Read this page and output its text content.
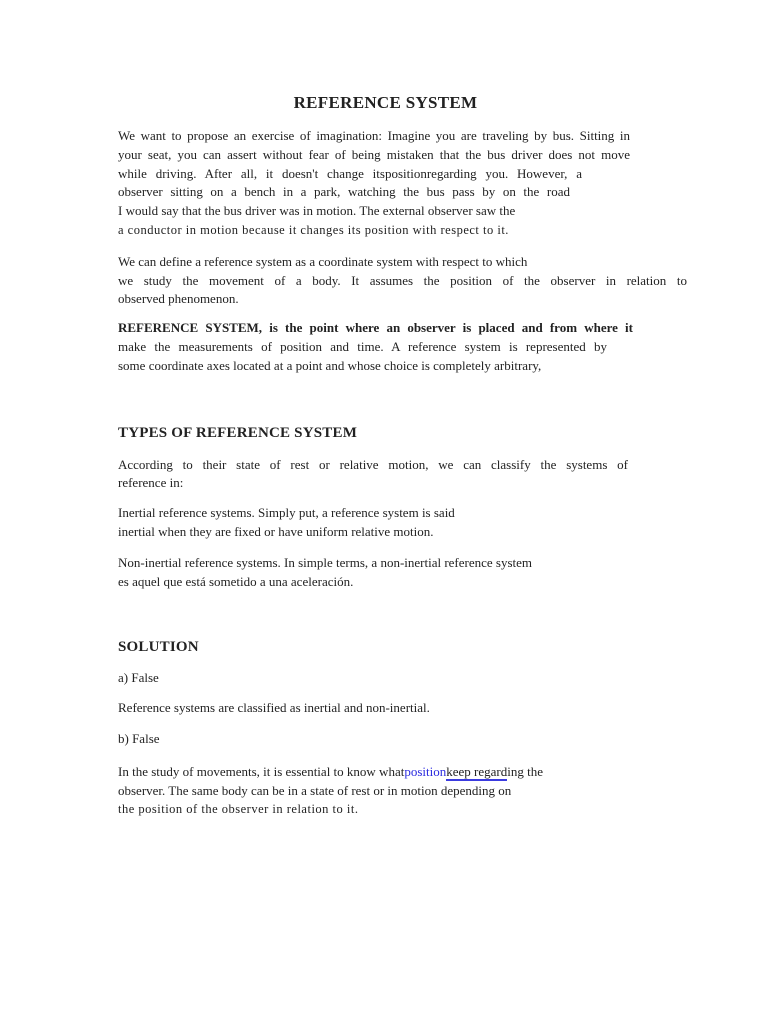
REFERENCE SYSTEM
We want to propose an exercise of imagination: Imagine you are traveling by bus. Sitting in
your seat, you can assert without fear of being mistaken that the bus driver does not move
while driving. After all, it doesn't change itspositionregarding you. However, a
observer sitting on a bench in a park, watching the bus pass by on the road
I would say that the bus driver was in motion. The external observer saw the
a conductor in motion because it changes its position with respect to it.
We can define a reference system as a coordinate system with respect to which
we study the movement of a body. It assumes the position of the observer in relation to
observed phenomenon.
REFERENCE SYSTEM, is the point where an observer is placed and from where it
make the measurements of position and time. A reference system is represented by
some coordinate axes located at a point and whose choice is completely arbitrary,
TYPES OF REFERENCE SYSTEM
According to their state of rest or relative motion, we can classify the systems of
reference in:
Inertial reference systems. Simply put, a reference system is said
inertial when they are fixed or have uniform relative motion.
Non-inertial reference systems. In simple terms, a non-inertial reference system
es aquel que está sometido a una aceleración.
SOLUTION
a) False
Reference systems are classified as inertial and non-inertial.
b) False
In the study of movements, it is essential to know whatpositionkeep regarding the
observer. The same body can be in a state of rest or in motion depending on
the position of the observer in relation to it.
